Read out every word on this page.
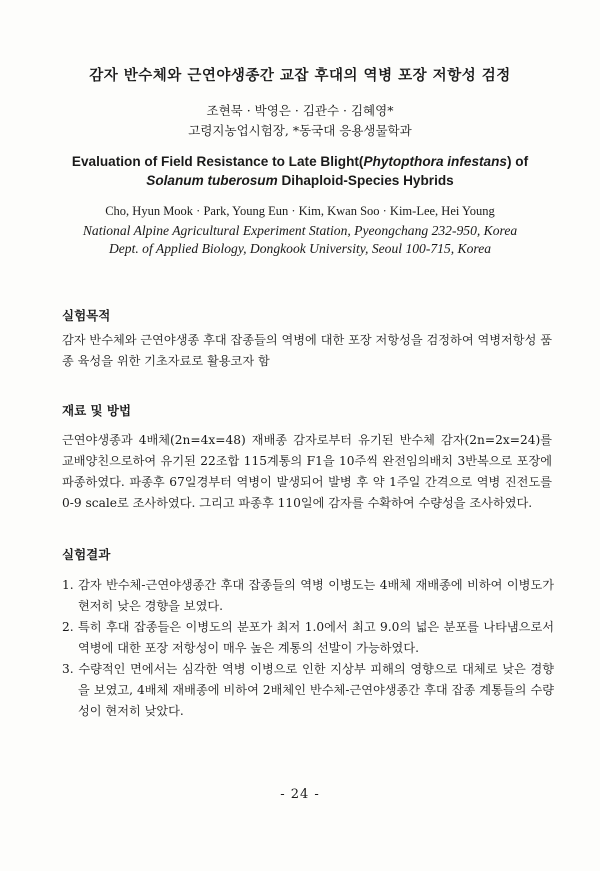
감자 반수체와 근연야생종간 교잡 후대의 역병 포장 저항성 검정
조현묵 · 박영은 · 김관수 · 김혜영*
고령지농업시험장, *동국대 응용생물학과
Evaluation of Field Resistance to Late Blight(Phytopthora infestans) of
Solanum tuberosum Dihaploid-Species Hybrids
Cho, Hyun Mook · Park, Young Eun · Kim, Kwan Soo · Kim-Lee, Hei Young
National Alpine Agricultural Experiment Station, Pyeongchang 232-950, Korea
Dept. of Applied Biology, Dongkook University, Seoul 100-715, Korea
실험목적
감자 반수체와 근연야생종 후대 잡종들의 역병에 대한 포장 저항성을 검정하여 역병저항성 품종 육성을 위한 기초자료로 활용코자 함
재료 및 방법
근연야생종과 4배체(2n=4x=48) 재배종 감자로부터 유기된 반수체 감자(2n=2x=24)를 교배양친으로하여 유기된 22조합 115계통의 F1을 10주씩 완전임의배치 3반복으로 포장에 파종하였다. 파종후 67일경부터 역병이 발생되어 발병 후 약 1주일 간격으로 역병 진전도를 0-9 scale로 조사하였다. 그리고 파종후 110일에 감자를 수확하여 수량성을 조사하였다.
실험결과
1. 감자 반수체-근연야생종간 후대 잡종들의 역병 이병도는 4배체 재배종에 비하여 이병도가 현저히 낮은 경향을 보였다.
2. 특히 후대 잡종들은 이병도의 분포가 최저 1.0에서 최고 9.0의 넓은 분포를 나타냄으로서 역병에 대한 포장 저항성이 매우 높은 계통의 선발이 가능하였다.
3. 수량적인 면에서는 심각한 역병 이병으로 인한 지상부 피해의 영향으로 대체로 낮은 경향을 보였고, 4배체 재배종에 비하여 2배체인 반수체-근연야생종간 후대 잡종 계통들의 수량성이 현저히 낮았다.
- 24 -
